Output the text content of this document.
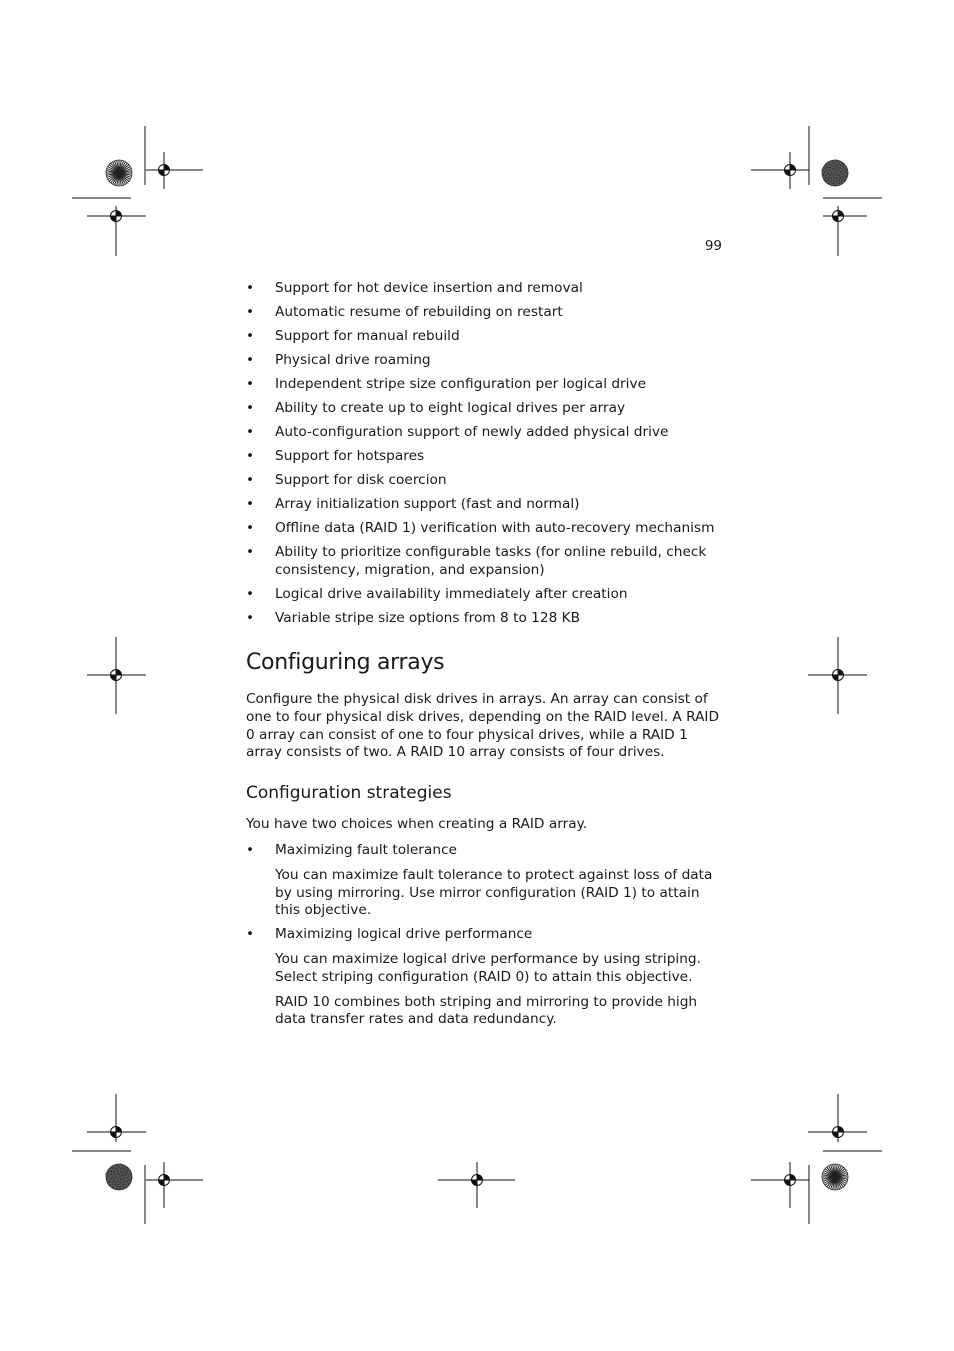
99
• Support for hot device insertion and removal
• Automatic resume of rebuilding on restart
• Support for manual rebuild
• Physical drive roaming
• Independent stripe size configuration per logical drive
• Ability to create up to eight logical drives per array
• Auto-configuration support of newly added physical drive
• Support for hotspares
• Support for disk coercion
• Array initialization support (fast and normal)
• Offline data (RAID 1) verification with auto-recovery mechanism
• Ability to prioritize configurable tasks (for online rebuild, check consistency, migration, and expansion)
• Logical drive availability immediately after creation
• Variable stripe size options from 8 to 128 KB
Configuring arrays

Configure the physical disk drives in arrays. An array can consist of one to four physical disk drives, depending on the RAID level. A RAID 0 array can consist of one to four physical drives, while a RAID 1 array consists of two. A RAID 10 array consists of four drives.

Configuration strategies

You have two choices when creating a RAID array.

• Maximizing fault tolerance

You can maximize fault tolerance to protect against loss of data by using mirroring. Use mirror configuration (RAID 1) to attain this objective.

• Maximizing logical drive performance

You can maximize logical drive performance by using striping. Select striping configuration (RAID 0) to attain this objective.

RAID 10 combines both striping and mirroring to provide high data transfer rates and data redundancy.
